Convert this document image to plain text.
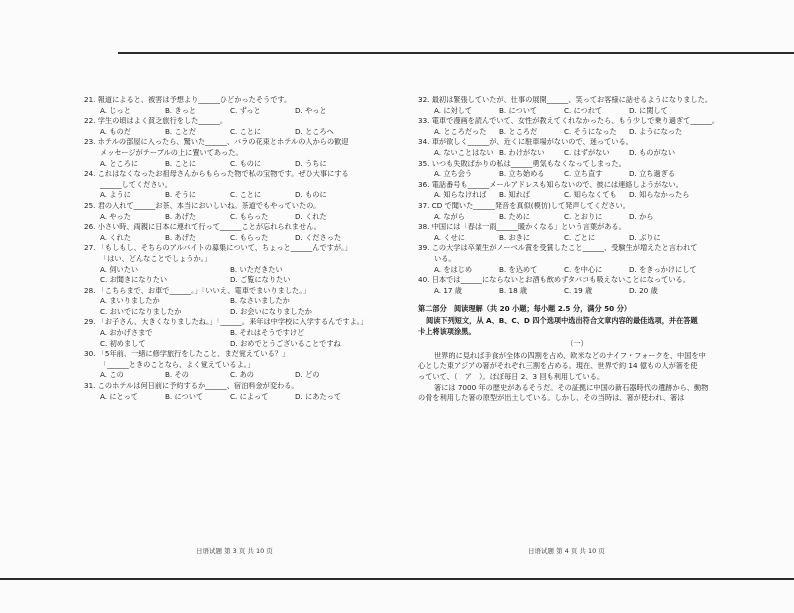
21. 報道によると、被害は予想より______ひどかったそうです。
A. じっと	B. きっと	C. ずっと	D. やっと
22. 学生の頃はよく貧乏旅行をした______。
A. ものだ	B. ことだ	C. ことに	D. ところへ
23. ホテルの部屋に入ったら、驚いた______、バラの花束とホテルの人からの歓迎
メッセージがテーブルの上に置いてあった。
A. ところに	B. ことに	C. ものに	D. うちに
24. これはなくなったお祖母さんからもらった物で私の宝物です。ぜひ大事にする
______してください。
A. ように	B. そうに	C. ことに	D. ものに
25. 君の入れて______お茶、本当においしいね。茶道でもやっていたの。
A. やった	B. あげた	C. もらった	D. くれた
26. 小さい時、両親に日本に連れて行って______ことが忘れられません。
A. くれた	B. あげた	C. もらった	D. くださった
27. 「もしもし、そちらのアルバイトの募集について、ちょっと______んですが。」
「はい、どんなことでしょうか。」
A. 伺いたい	B. いただきたい
C. お聞きになりたい	D. ご覧になりたい
28. 「こちらまで、お車で______。」「いいえ、電車でまいりました。」
A. まいりましたか	B. なさいましたか
C. おいでになりましたか	D. お会いになりましたか
29. 「お子さん、大きくなりましたね。」「______。来年は中学校に入学するんですよ。」
A. おかげさまで	B. それはそうですけど
C. 初めまして	D. おめでとうございることですね
30. 「5年前、一緒に修学旅行をしたこと、まだ覚えている？」
「______ときのことなら、よく覚えているよ。」
A. この	B. その	C. あの	D. どの
31. このホテルは何日前に予約するか______、宿泊料金が変わる。
A. にとって	B. について	C. によって	D. にあたって
32. 最初は緊張していたが、仕事の展開______、笑ってお客様に話せるようになりました。
A. に対して	B. について	C. につれて	D. に関して
33. 電車で漫画を読んでいて、女性が教えてくれなかったら、もう少しで乗り過ぎて______。
A. ところだった	B. ところだ	C. そうになった	D. ようになった
34. 車が欲しく______が、近くに駐車場がないので、迷っている。
A. ないことはない B. わけがない	C. はずがない	D. ものがない
35. いつも失敗ばかりの私は______勇気もなくなってしまった。
A. 立ち会う	B. 立ち始める	C. 立ち直す	D. 立ち過ぎる
36. 電話番号も______メールアドレスも知らないので、彼には連絡しようがない。
A. 知らなければ	B. 知れば	C. 知らなくても	D. 知らなかったら
37. CD で聞いた______発音を真似(模仿)して発声してください。
A. ながら	B. ために	C. とおりに	D. から
38. 中国には「春は一雨______暖かくなる」という言葉がある。
A. くせに	B. おきに	C. ごとに	D. ぶりに
39. この大学は卒業生がノーベル賞を受賞したこと______、受験生が増えたと言われて
いる。
A. をはじめ	B. を込めて	C. を中心に	D. をきっかけにして
40. 日本では______にならないとお酒も飲めずタバコも吸えないことになっている。
A. 17 歳	B. 18 歳	C. 19 歳	D. 20 歳
第二部分　阅读理解（共 20 小题；每小题 2.5 分，满分 50 分）
阅读下列短文，从 A、B、C、D 四个选项中选出符合文章内容的最佳选项，并在答题
卡上将该项涂黑。
（一）
世界的に見れば手食が全体の四割を占め、欧米などのナイフ・フォークを、中国を中
心とした東アジアの箸がそれぞれ三割を占める。現在、世界で約 14 億もの人が箸を使
っていて、（　ア　）。ほぼ毎日 2、3 回も利用している。
箸には 7000 年の歴史があるそうだ。その証拠に中国の新石器時代の遺跡から、動物
の骨を利用した箸の原型が出土している。しかし、その当時は、箸が使われ、箸は
日语试题 第 3 页 共 10 页	日语试题 第 4 页 共 10 页
